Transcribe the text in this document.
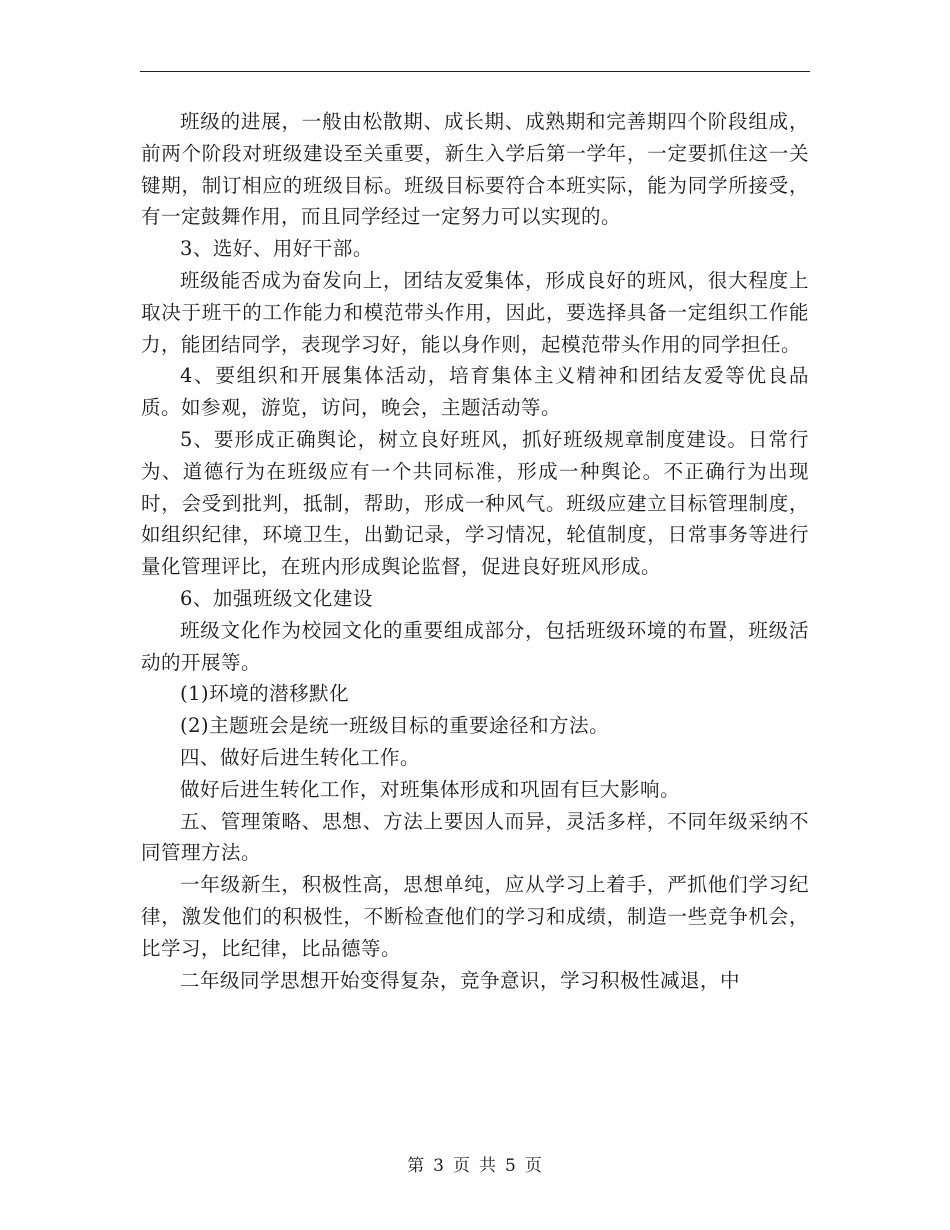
班级的进展，一般由松散期、成长期、成熟期和完善期四个阶段组成，前两个阶段对班级建设至关重要，新生入学后第一学年，一定要抓住这一关键期，制订相应的班级目标。班级目标要符合本班实际，能为同学所接受，有一定鼓舞作用，而且同学经过一定努力可以实现的。

3、选好、用好干部。

班级能否成为奋发向上，团结友爱集体，形成良好的班风，很大程度上取决于班干的工作能力和模范带头作用，因此，要选择具备一定组织工作能力，能团结同学，表现学习好，能以身作则，起模范带头作用的同学担任。

4、要组织和开展集体活动，培育集体主义精神和团结友爱等优良品质。如参观，游览，访问，晚会，主题活动等。

5、要形成正确舆论，树立良好班风，抓好班级规章制度建设。日常行为、道德行为在班级应有一个共同标准，形成一种舆论。不正确行为出现时，会受到批判，抵制，帮助，形成一种风气。班级应建立目标管理制度，如组织纪律，环境卫生，出勤记录，学习情况，轮值制度，日常事务等进行量化管理评比，在班内形成舆论监督，促进良好班风形成。

6、加强班级文化建设

班级文化作为校园文化的重要组成部分，包括班级环境的布置，班级活动的开展等。

(1)环境的潜移默化

(2)主题班会是统一班级目标的重要途径和方法。

四、做好后进生转化工作。

做好后进生转化工作，对班集体形成和巩固有巨大影响。

五、管理策略、思想、方法上要因人而异，灵活多样，不同年级采纳不同管理方法。

一年级新生，积极性高，思想单纯，应从学习上着手，严抓他们学习纪律，激发他们的积极性，不断检查他们的学习和成绩，制造一些竞争机会，比学习，比纪律，比品德等。

二年级同学思想开始变得复杂，竞争意识，学习积极性减退，中

第 3 页 共 5 页
